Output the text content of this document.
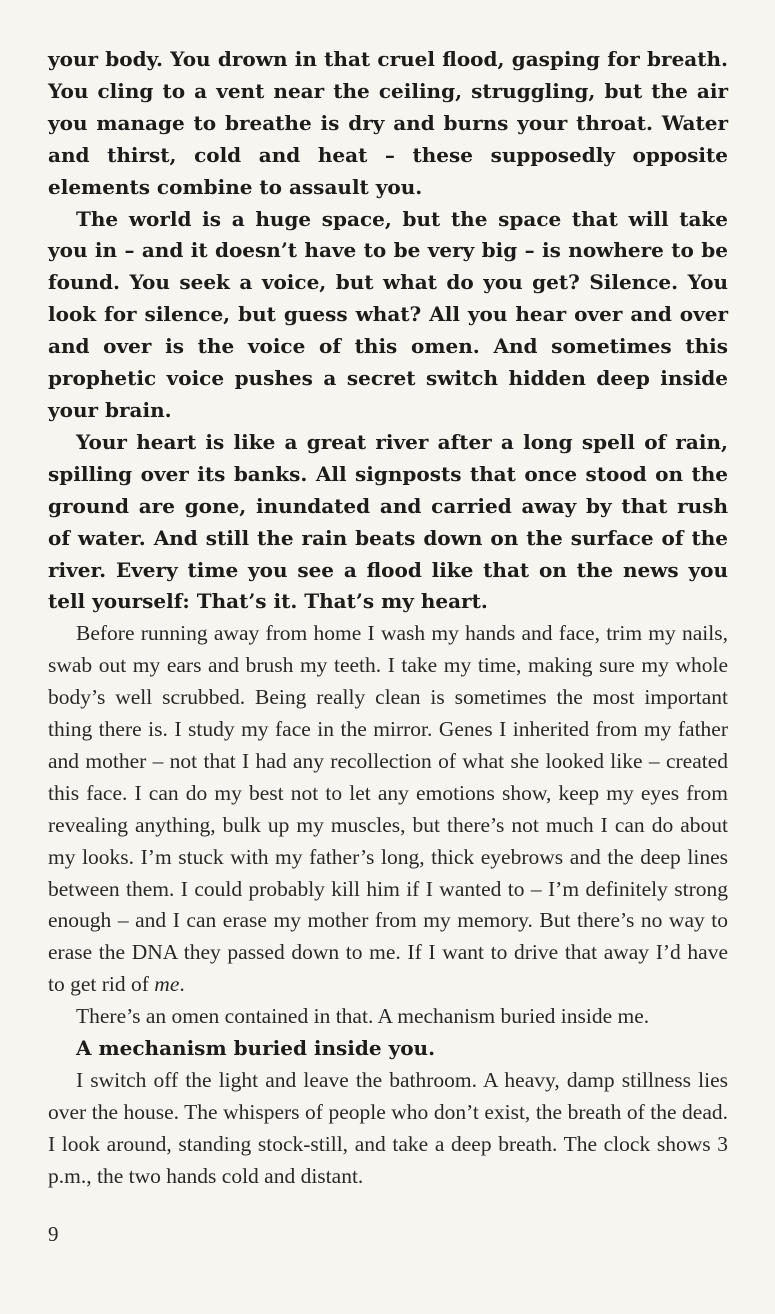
your body. You drown in that cruel flood, gasping for breath. You cling to a vent near the ceiling, struggling, but the air you manage to breathe is dry and burns your throat. Water and thirst, cold and heat – these supposedly opposite elements combine to assault you.

The world is a huge space, but the space that will take you in – and it doesn’t have to be very big – is nowhere to be found. You seek a voice, but what do you get? Silence. You look for silence, but guess what? All you hear over and over and over is the voice of this omen. And sometimes this prophetic voice pushes a secret switch hidden deep inside your brain.

Your heart is like a great river after a long spell of rain, spilling over its banks. All signposts that once stood on the ground are gone, inundated and carried away by that rush of water. And still the rain beats down on the surface of the river. Every time you see a flood like that on the news you tell yourself: That’s it. That’s my heart.

Before running away from home I wash my hands and face, trim my nails, swab out my ears and brush my teeth. I take my time, making sure my whole body’s well scrubbed. Being really clean is sometimes the most important thing there is. I study my face in the mirror. Genes I inherited from my father and mother – not that I had any recollection of what she looked like – created this face. I can do my best not to let any emotions show, keep my eyes from revealing anything, bulk up my muscles, but there’s not much I can do about my looks. I’m stuck with my father’s long, thick eyebrows and the deep lines between them. I could probably kill him if I wanted to – I’m definitely strong enough – and I can erase my mother from my memory. But there’s no way to erase the DNA they passed down to me. If I want to drive that away I’d have to get rid of me.

There’s an omen contained in that. A mechanism buried inside me.

A mechanism buried inside you.

I switch off the light and leave the bathroom. A heavy, damp stillness lies over the house. The whispers of people who don’t exist, the breath of the dead. I look around, standing stock-still, and take a deep breath. The clock shows 3 p.m., the two hands cold and distant.

9
